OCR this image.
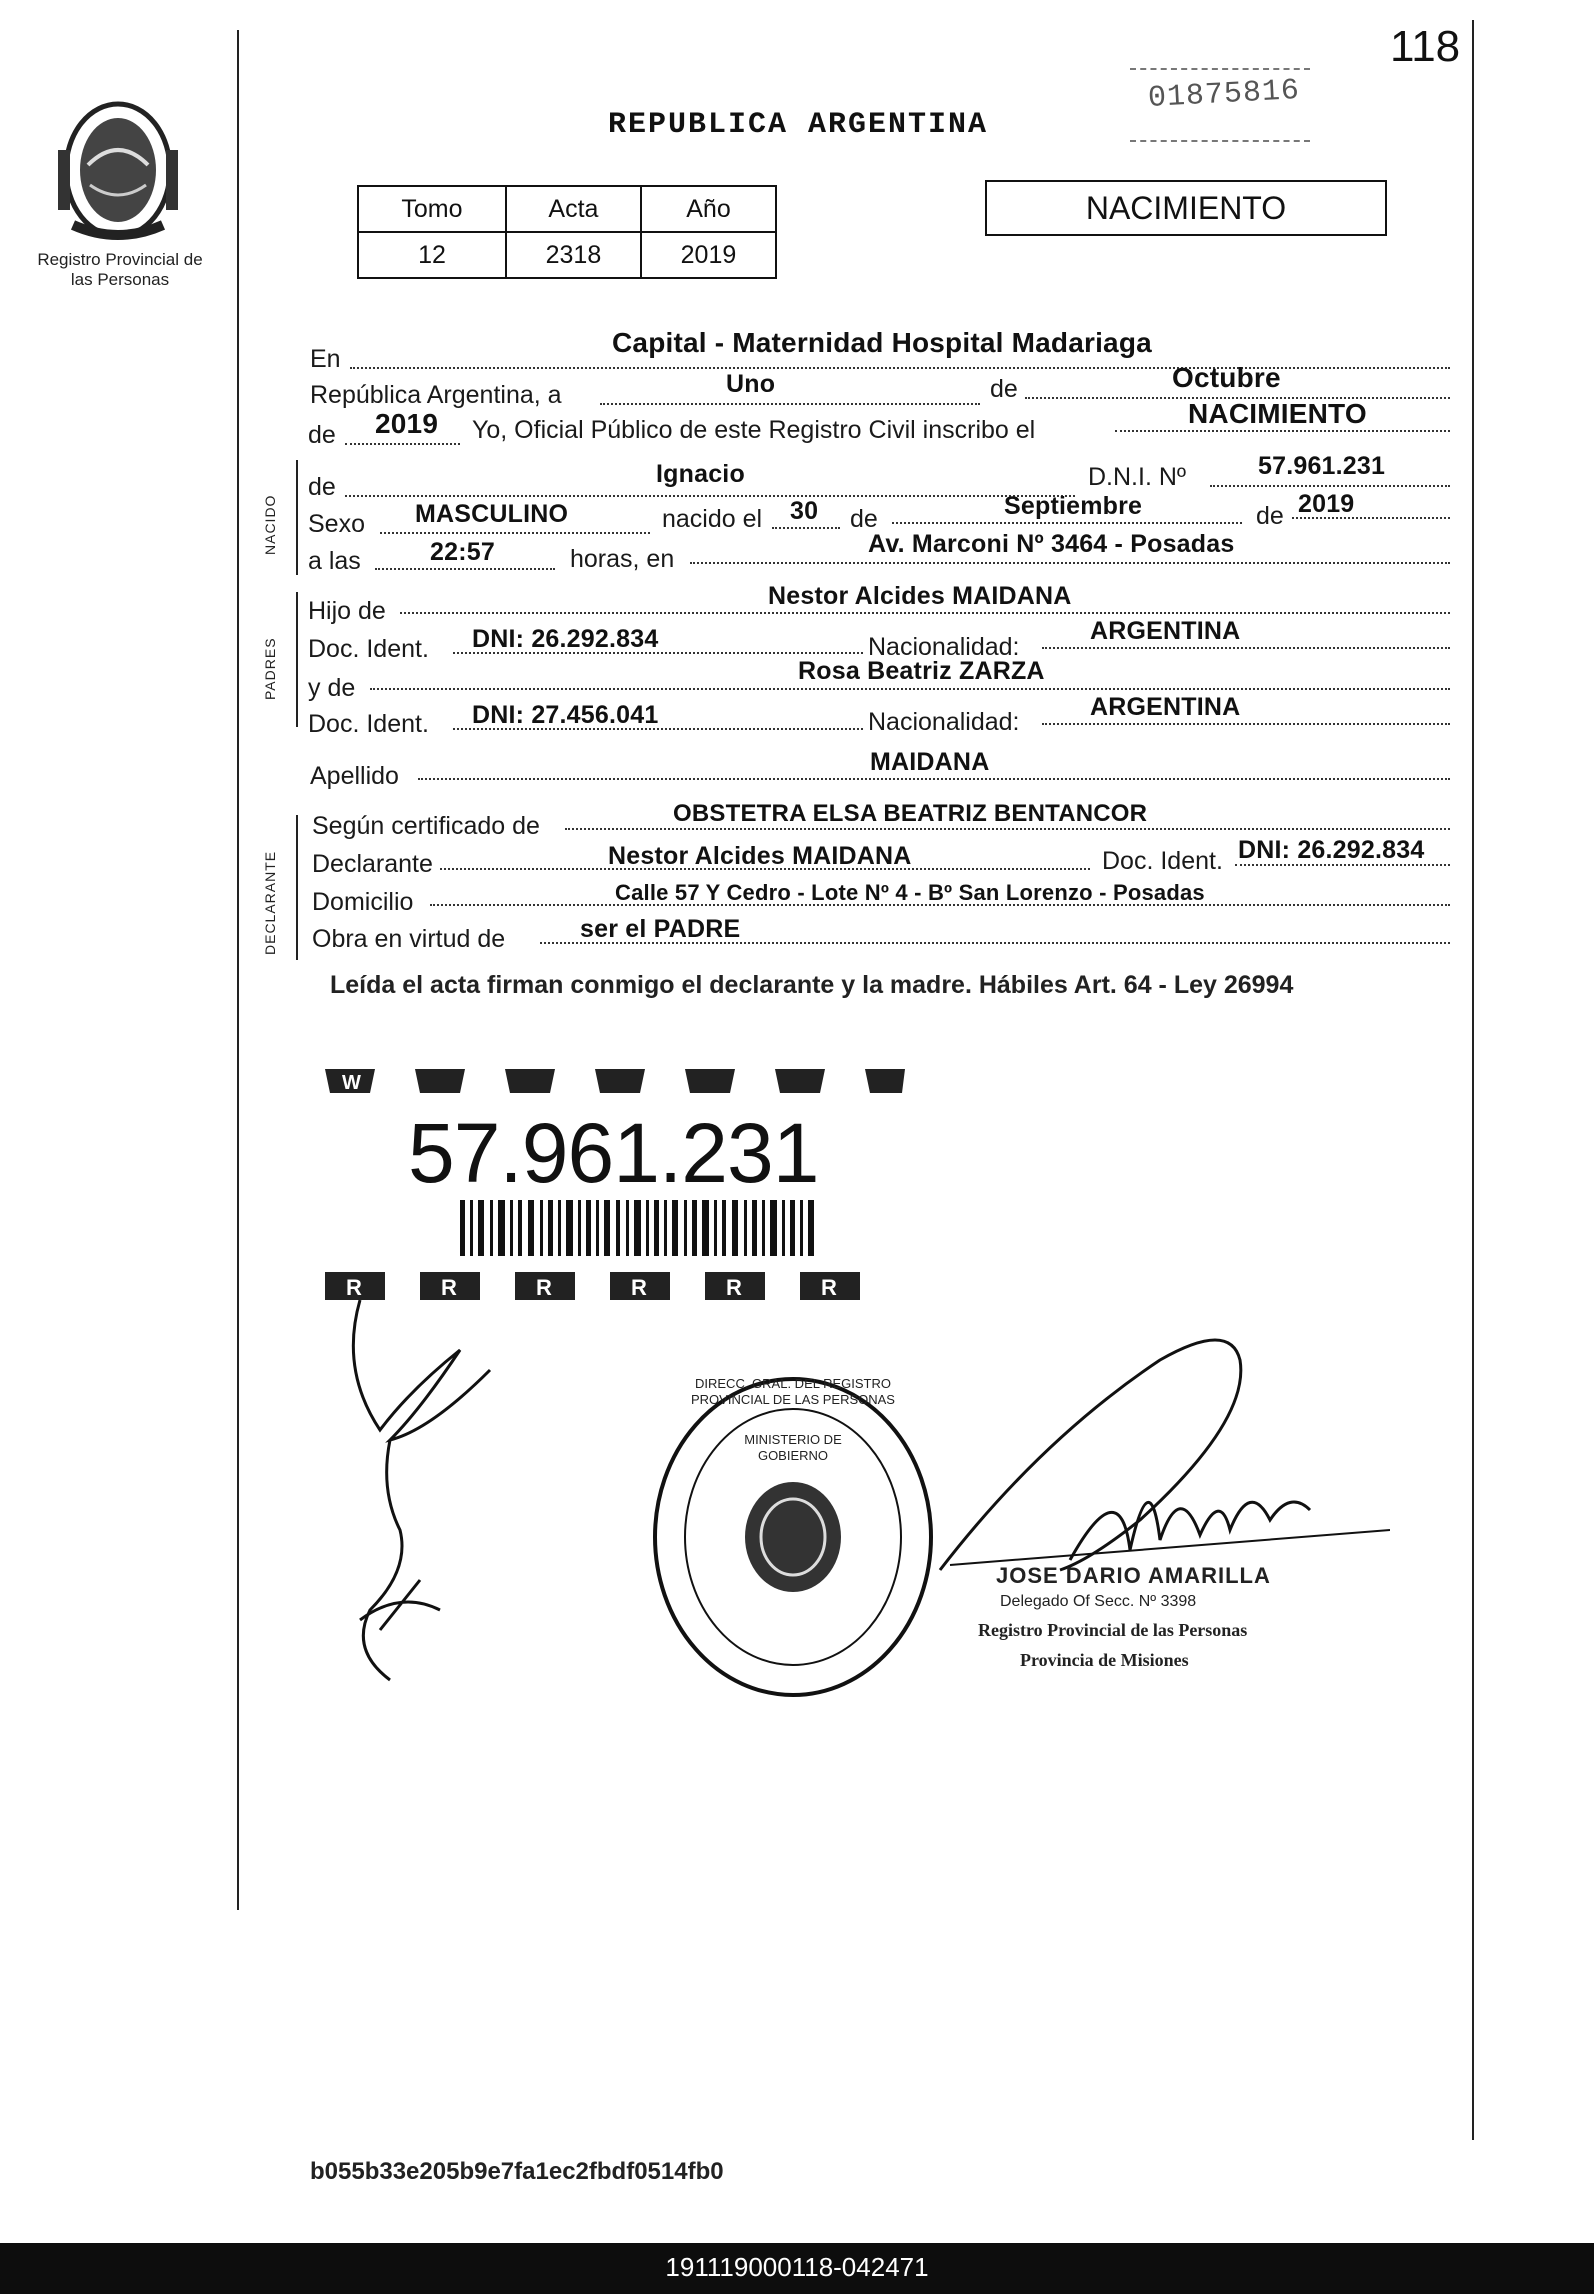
118
01875816
Registro Provincial de las Personas
REPUBLICA ARGENTINA
Tomo	Acta	Año
12	2318	2019
NACIMIENTO
En
Capital - Maternidad Hospital Madariaga
República Argentina, a	Uno	de	Octubre
de 2019 Yo, Oficial Público de este Registro Civil inscribo el
NACIMIENTO
NACIDO
de	Ignacio	D.N.I. Nº	57.961.231
Sexo MASCULINO	nacido el 30 de	Septiembre	de 2019
a las	22:57	horas, en
Av. Marconi Nº 3464 - Posadas
PADRES
Hijo de
Nestor Alcides MAIDANA
Doc. Ident. DNI: 26.292.834	Nacionalidad:
ARGENTINA
y de
Rosa Beatriz ZARZA
Doc. Ident. DNI: 27.456.041	Nacionalidad:
ARGENTINA
Apellido	MAIDANA
DECLARANTE
Según certificado de	OBSTETRA ELSA BEATRIZ BENTANCOR
Declarante	Nestor Alcides MAIDANA	Doc. Ident. DNI: 26.292.834
Domicilio	Calle 57 Y Cedro - Lote Nº 4 - Bº San Lorenzo - Posadas
Obra en virtud de	ser el PADRE
Leída el acta firman conmigo el declarante y la madre. Hábiles Art. 64 - Ley 26994
W
57.961.231
R	R	R	R	R	R
DIRECC. GRAL. DEL REGISTRO PROVINCIAL DE LAS PERSONAS
MINISTERIO DE GOBIERNO
JOSE DARIO AMARILLA
Delegado Of Secc. Nº 3398
Registro Provincial de las Personas
Provincia de Misiones
b055b33e205b9e7fa1ec2fbdf0514fb0
191119000118-042471
